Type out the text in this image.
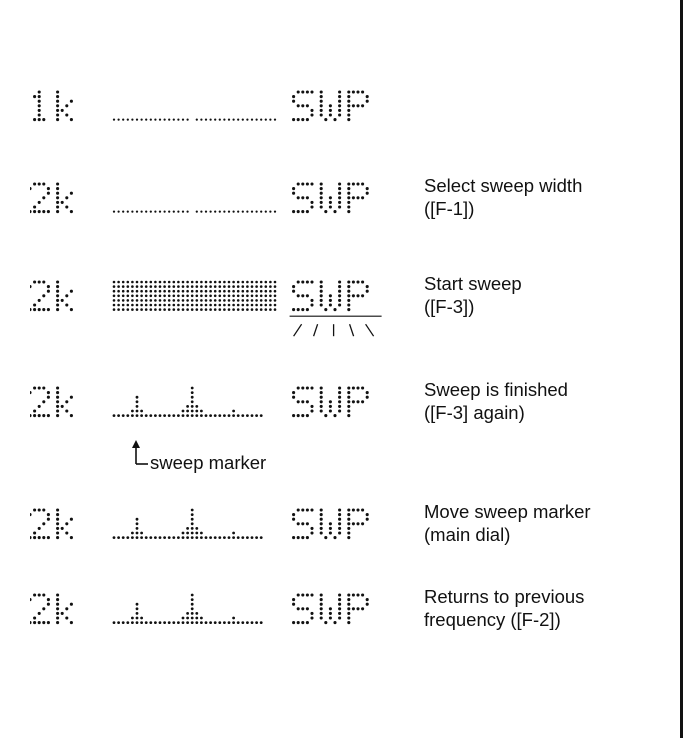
Select sweep width
([F-1])
Start sweep
([F-3])
Sweep is finished
([F-3] again)
sweep marker
Move sweep marker
(main dial)
Returns to previous
frequency ([F-2])
